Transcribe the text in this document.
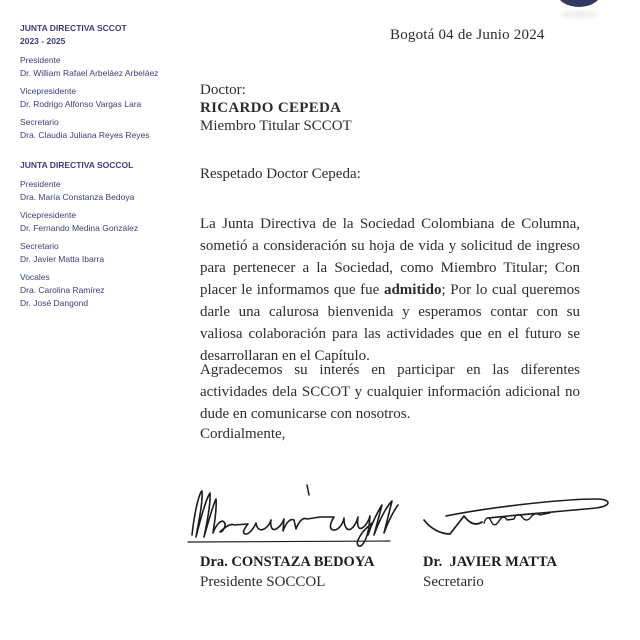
Bogotá 04 de Junio 2024
JUNTA DIRECTIVA SCCOT
2023 - 2025
Presidente
Dr. William Rafael Arbeláez Arbeláez
Vicepresidente
Dr. Rodrigo Alfonso Vargas Lara
Secretario
Dra. Claudia Juliana Reyes Reyes
JUNTA DIRECTIVA SOCCOL
Presidente
Dra. María Constanza Bedoya
Vicepresidente
Dr. Fernando Medina González
Secretario
Dr. Javier Matta Ibarra
Vocales
Dra. Carolina Ramírez
Dr. José Dangond
Doctor:
RICARDO CEPEDA
Miembro Titular SCCOT
Respetado Doctor Cepeda:

La Junta Directiva de la Sociedad Colombiana de Columna, sometió a consideración su hoja de vida y solicitud de ingreso para pertenecer a la Sociedad, como Miembro Titular; Con placer le informamos que fue admitido; Por lo cual queremos darle una calurosa bienvenida y esperamos contar con su valiosa colaboración para las actividades que en el futuro se desarrollaran en el Capítulo.

Agradecemos su interés en participar en las diferentes actividades dela SCCOT y cualquier información adicional no dude en comunicarse con nosotros.

Cordialmente,
Dra. CONSTAZA BEDOYA
Presidente SOCCOL
Dr.  JAVIER MATTA
Secretario
